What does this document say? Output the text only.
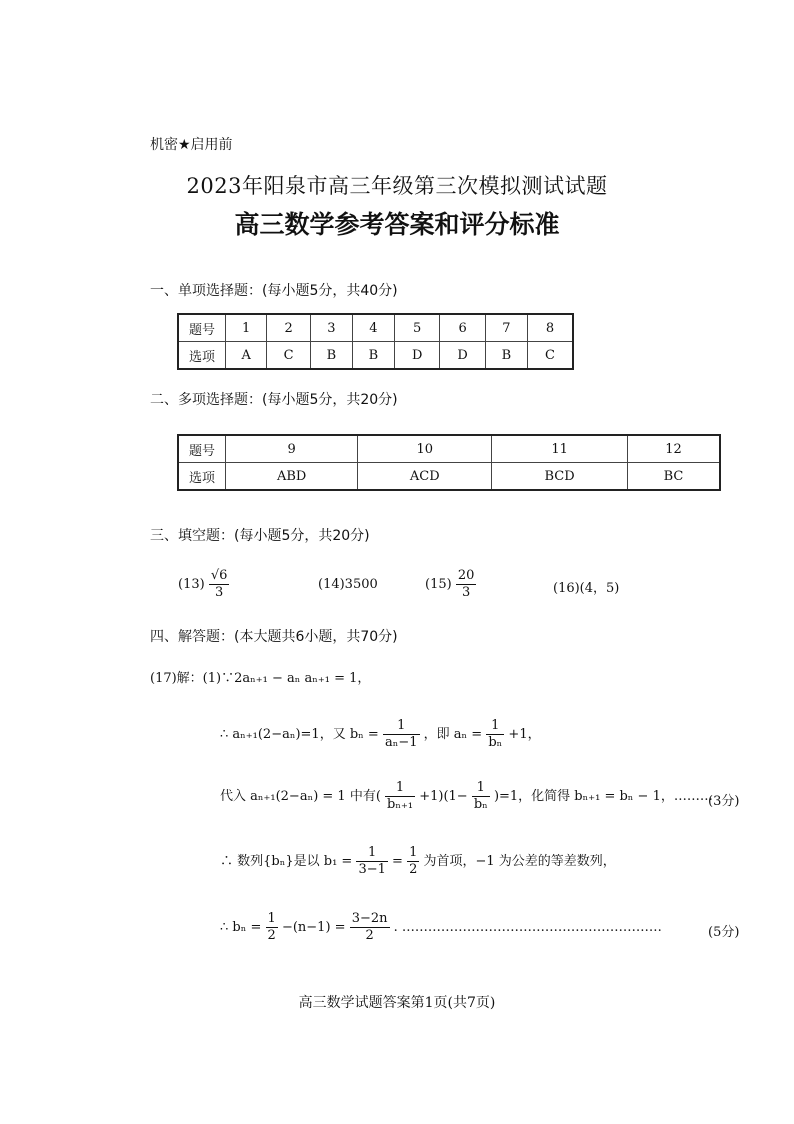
机密★启用前
2023年阳泉市高三年级第三次模拟测试试题
高三数学参考答案和评分标准
一、单项选择题：(每小题5分，共40分)
题号	1	2	3	4	5	6	7	8
选项	A	C	B	B	D	D	B	C
二、多项选择题：(每小题5分，共20分)
题号	9	10	11	12
选项	ABD	ACD	BCD	BC
三、填空题：(每小题5分，共20分)
$(13) \frac{√6}{3}$	(14)3500	$(15) \frac{20}{3}$	(16)(4，5)
四、解答题：(本大题共6小题，共70分)
(17)解：(1)∵2aₙ₊₁ − aₙ aₙ₊₁ = 1，
∴ aₙ₊₁(2−aₙ)=1，又 $b_n = \frac{1}{\text{aₙ−1}}$ ，即 $a_n = \frac{1}{\text{bₙ}} +1$，
代入 aₙ₊₁(2−aₙ) = 1 中有( $\frac{1}{\text{bₙ₊₁}} +1)(1- \frac{1}{\text{bₙ}} )=1$，化简得 bₙ₊₁ = bₙ − 1，………
(3分)
∴ 数列{bₙ}是以 $b_1 = \frac{1}{3-1} = \frac{1}{2}$ 为首项，−1 为公差的等差数列，
∴ $b_n = \frac{1}{2} -(n-1) = \frac{3-2n}{2}$ . ……………………………………………………	(5分)
高三数学试题答案第1页(共7页)
